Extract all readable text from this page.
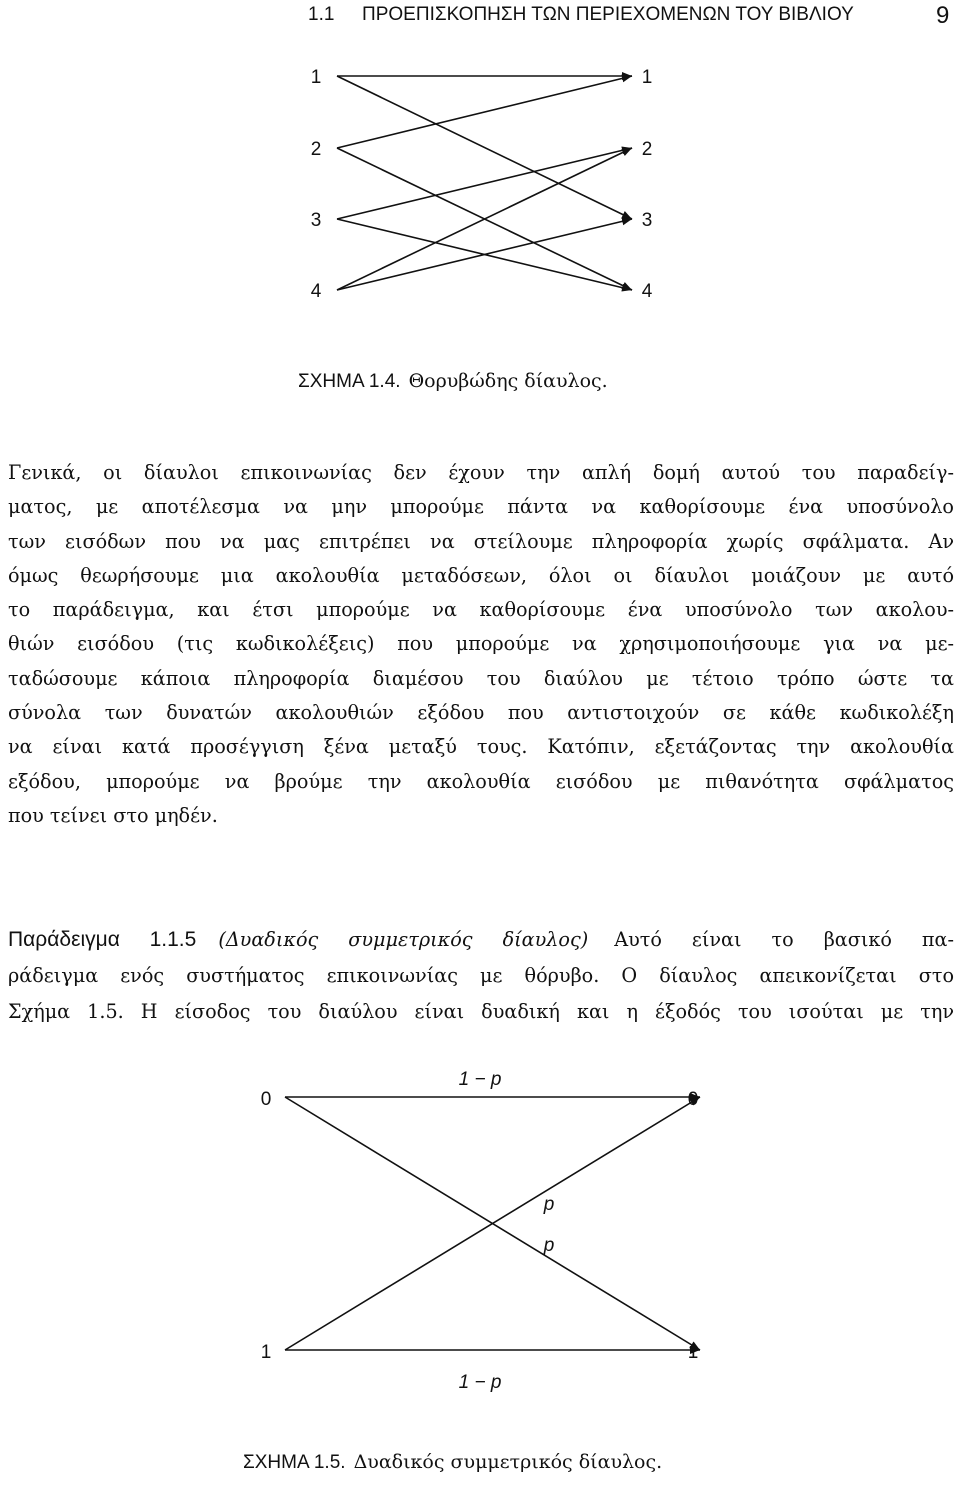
1.1 ΠΡΟΕΠΙΣΚΟΠΗΣΗ ΤΩΝ ΠΕΡΙΕΧΟΜΕΝΩΝ ΤΟΥ ΒΙΒΛΙΟΥ	9
1
2
3
4
1
2
3
4
ΣΧΗΜΑ 1.4. Θορυβώδης δίαυλος.
Γενικά, οι δίαυλοι επικοινωνίας δεν έχουν την απλή δομή αυτού του παραδείγ-
ματος, με αποτέλεσμα να μην μπορούμε πάντα να καθορίσουμε ένα υποσύνολο
των εισόδων που να μας επιτρέπει να στείλουμε πληροφορία χωρίς σφάλματα. Αν
όμως θεωρήσουμε μια ακολουθία μεταδόσεων, όλοι οι δίαυλοι μοιάζουν με αυτό
το παράδειγμα, και έτσι μπορούμε να καθορίσουμε ένα υποσύνολο των ακολου-
θιών εισόδου (τις κωδικολέξεις) που μπορούμε να χρησιμοποιήσουμε για να με-
ταδώσουμε κάποια πληροφορία διαμέσου του διαύλου με τέτοιο τρόπο ώστε τα
σύνολα των δυνατών ακολουθιών εξόδου που αντιστοιχούν σε κάθε κωδικολέξη
να είναι κατά προσέγγιση ξένα μεταξύ τους. Κατόπιν, εξετάζοντας την ακολουθία
εξόδου, μπορούμε να βρούμε την ακολουθία εισόδου με πιθανότητα σφάλματος
που τείνει στο μηδέν.
Παράδειγμα 1.1.5 (Δυαδικός συμμετρικός δίαυλος) Αυτό είναι το βασικό πα-
ράδειγμα ενός συστήματος επικοινωνίας με θόρυβο. Ο δίαυλος απεικονίζεται στο
Σχήμα 1.5. Η είσοδος του διαύλου είναι δυαδική και η έξοδός του ισούται με την
0	0
1	1
1 − p
p
p
1 − p
ΣΧΗΜΑ 1.5. Δυαδικός συμμετρικός δίαυλος.
